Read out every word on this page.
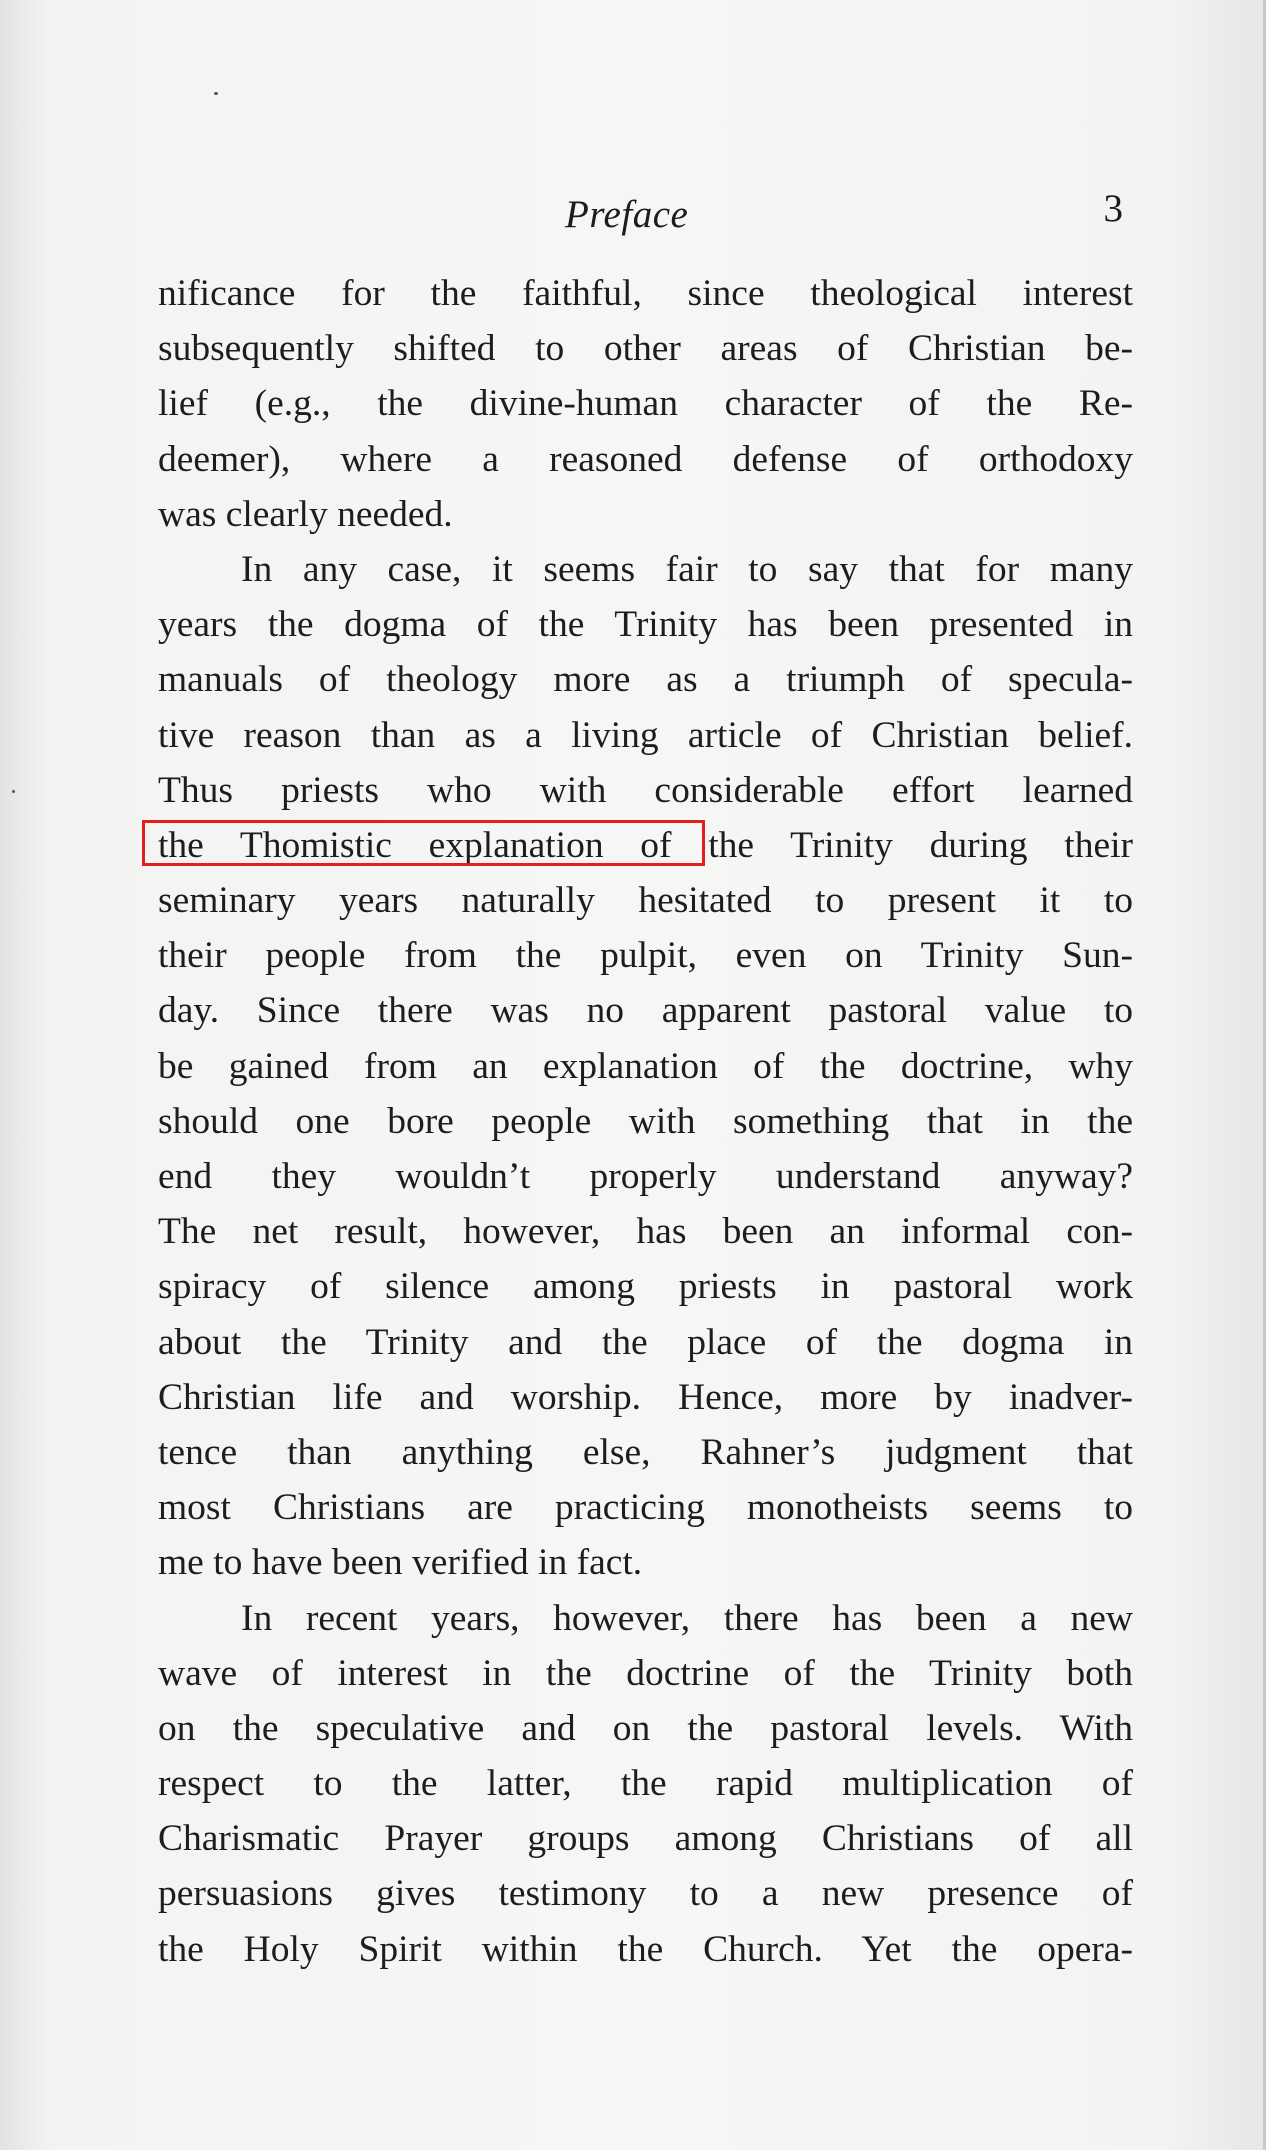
Preface	3
nificance for the faithful, since theological interest
subsequently shifted to other areas of Christian be-
lief (e.g., the divine-human character of the Re-
deemer), where a reasoned defense of orthodoxy
was clearly needed.
In any case, it seems fair to say that for many
years the dogma of the Trinity has been presented in
manuals of theology more as a triumph of specula-
tive reason than as a living article of Christian belief.
Thus priests who with considerable effort learned
the Thomistic explanation of the Trinity during their
seminary years naturally hesitated to present it to
their people from the pulpit, even on Trinity Sun-
day. Since there was no apparent pastoral value to
be gained from an explanation of the doctrine, why
should one bore people with something that in the
end they wouldn’t properly understand anyway?
The net result, however, has been an informal con-
spiracy of silence among priests in pastoral work
about the Trinity and the place of the dogma in
Christian life and worship. Hence, more by inadver-
tence than anything else, Rahner’s judgment that
most Christians are practicing monotheists seems to
me to have been verified in fact.
In recent years, however, there has been a new
wave of interest in the doctrine of the Trinity both
on the speculative and on the pastoral levels. With
respect to the latter, the rapid multiplication of
Charismatic Prayer groups among Christians of all
persuasions gives testimony to a new presence of
the Holy Spirit within the Church. Yet the opera-
